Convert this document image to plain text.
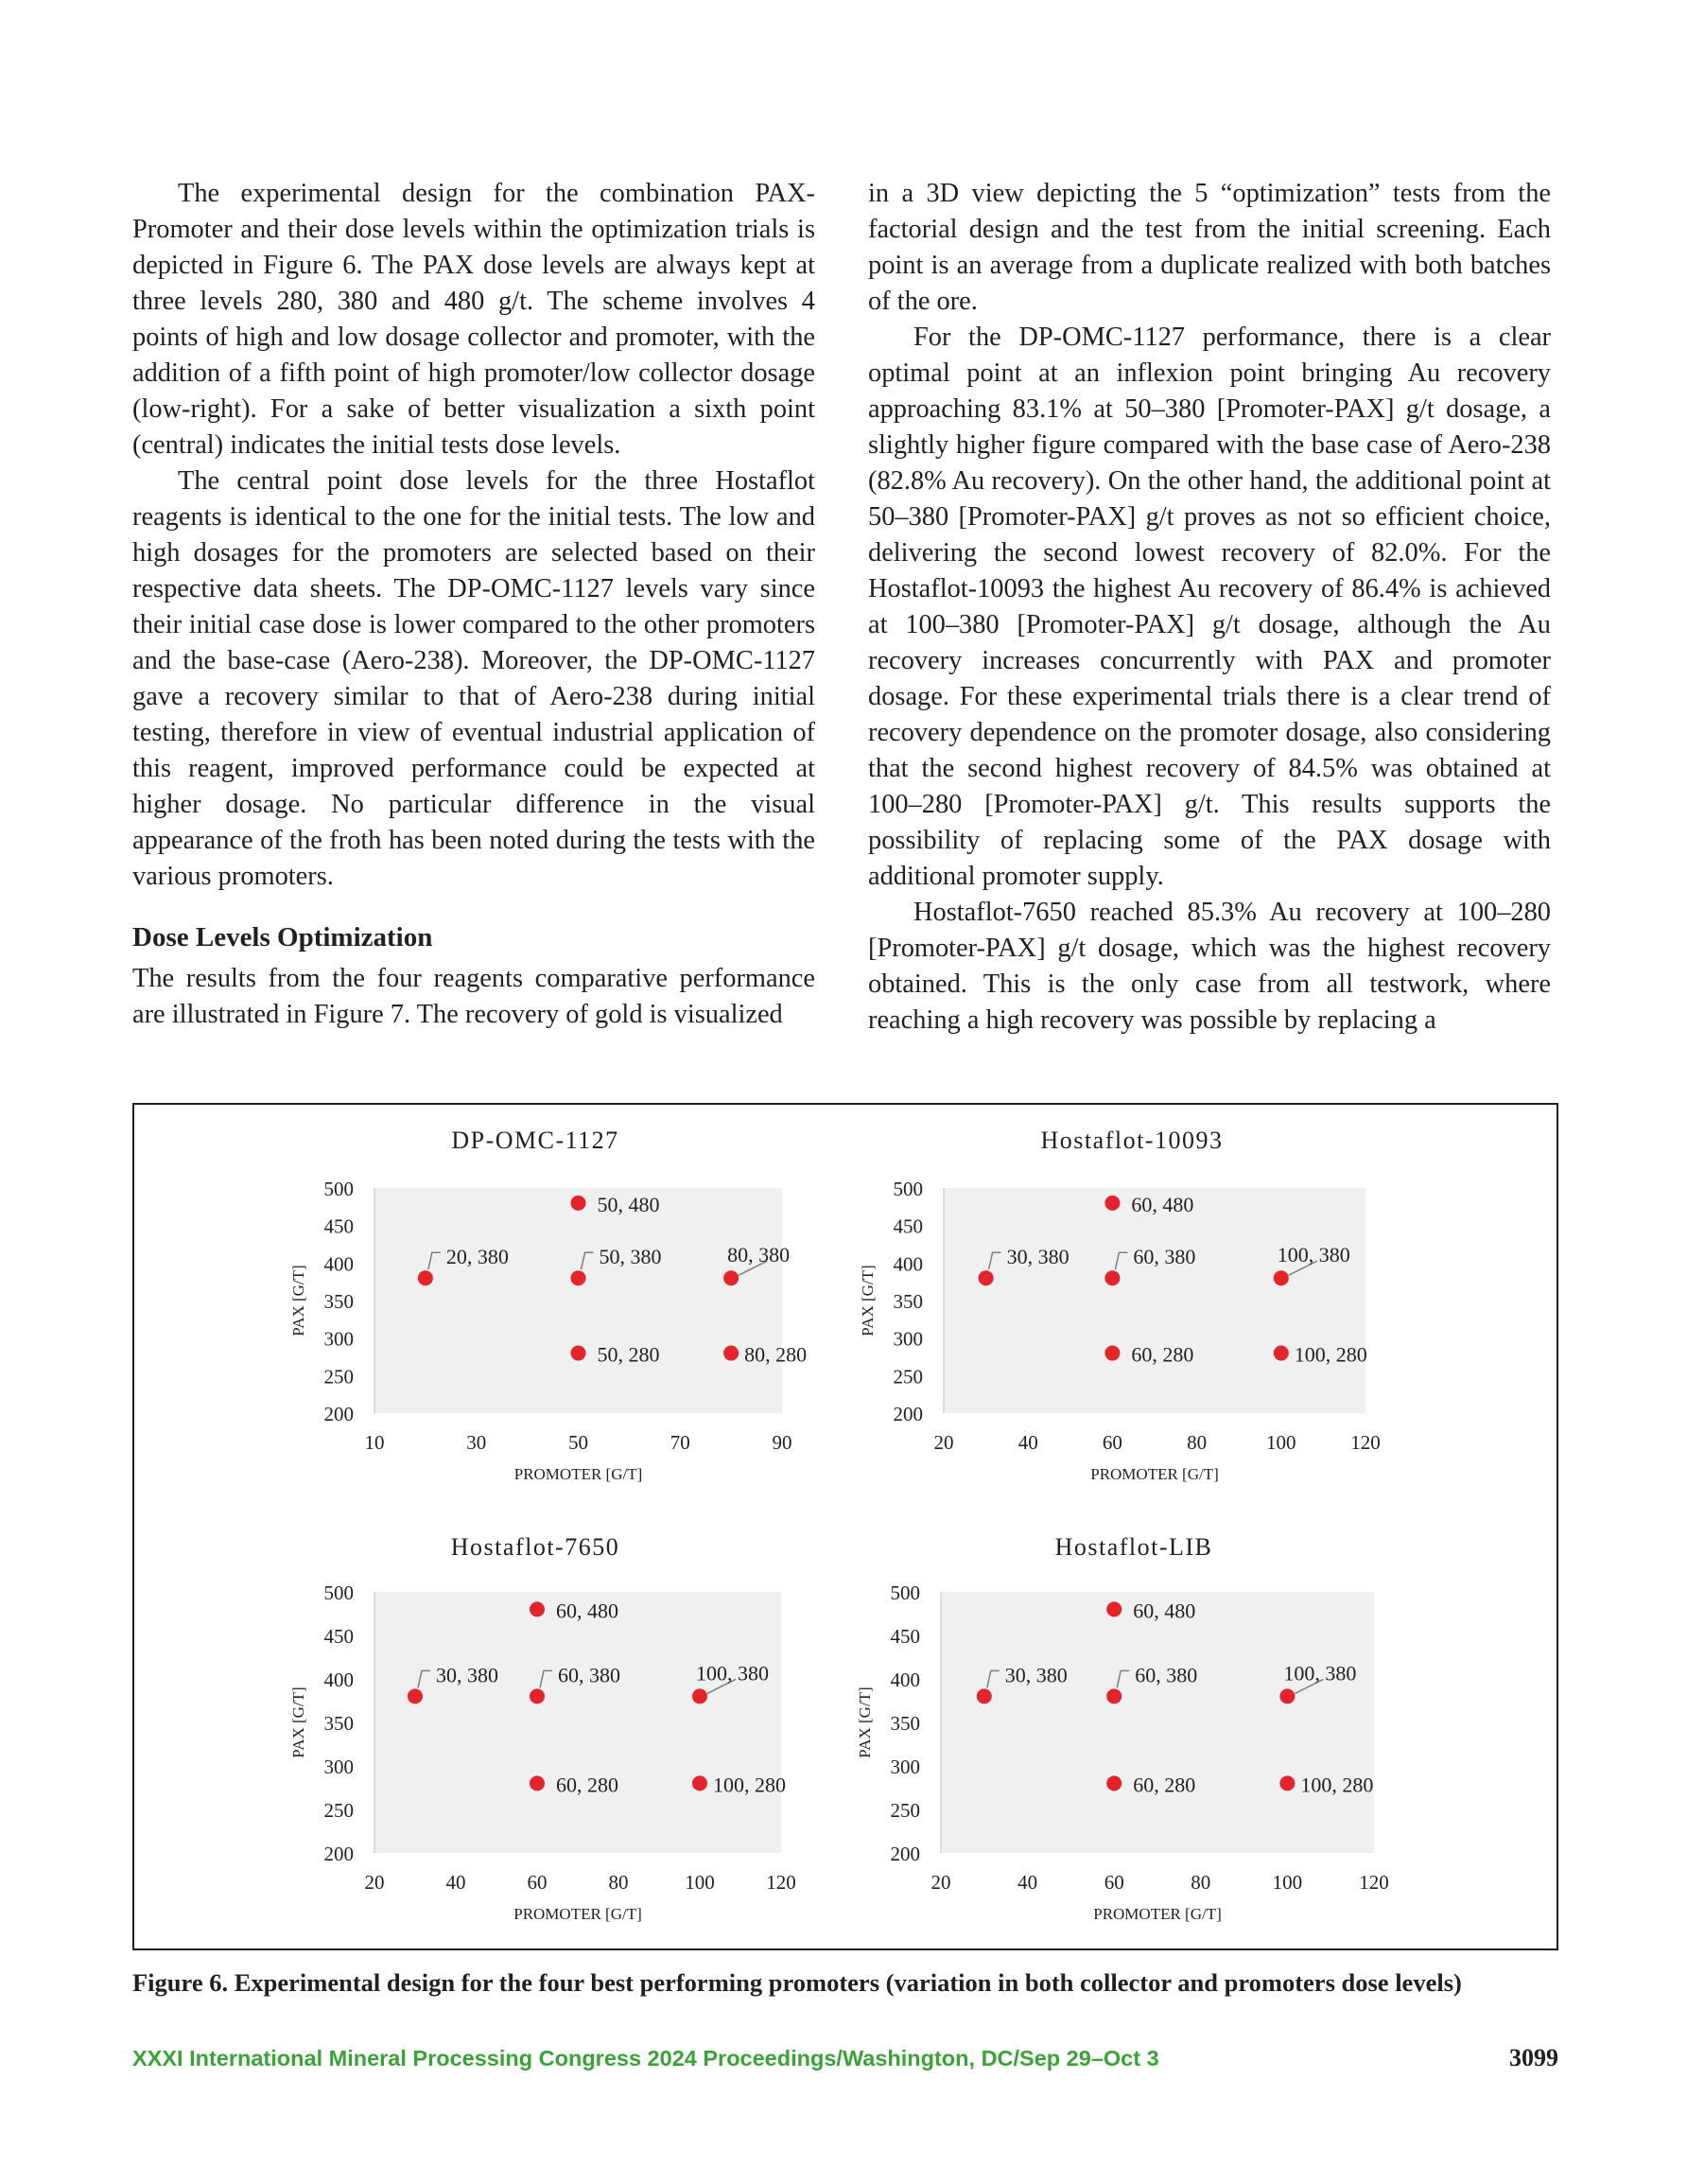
The experimental design for the combination PAX-Promoter and their dose levels within the optimization trials is depicted in Figure 6. The PAX dose levels are always kept at three levels 280, 380 and 480 g/t. The scheme involves 4 points of high and low dosage collector and promoter, with the addition of a fifth point of high promoter/low collector dosage (low-right). For a sake of better visualization a sixth point (central) indicates the initial tests dose levels.

The central point dose levels for the three Hostaflot reagents is identical to the one for the initial tests. The low and high dosages for the promoters are selected based on their respective data sheets. The DP-OMC-1127 levels vary since their initial case dose is lower compared to the other promoters and the base-case (Aero-238). Moreover, the DP-OMC-1127 gave a recovery similar to that of Aero-238 during initial testing, therefore in view of eventual industrial application of this reagent, improved performance could be expected at higher dosage. No particular difference in the visual appearance of the froth has been noted during the tests with the various promoters.

Dose Levels Optimization

The results from the four reagents comparative performance are illustrated in Figure 7. The recovery of gold is visualized

in a 3D view depicting the 5 “optimization” tests from the factorial design and the test from the initial screening. Each point is an average from a duplicate realized with both batches of the ore.

For the DP-OMC-1127 performance, there is a clear optimal point at an inflexion point bringing Au recovery approaching 83.1% at 50–380 [Promoter-PAX] g/t dosage, a slightly higher figure compared with the base case of Aero-238 (82.8% Au recovery). On the other hand, the additional point at 50–380 [Promoter-PAX] g/t proves as not so efficient choice, delivering the second lowest recovery of 82.0%. For the Hostaflot-10093 the highest Au recovery of 86.4% is achieved at 100–380 [Promoter-PAX] g/t dosage, although the Au recovery increases concurrently with PAX and promoter dosage. For these experimental trials there is a clear trend of recovery dependence on the promoter dosage, also considering that the second highest recovery of 84.5% was obtained at 100–280 [Promoter-PAX] g/t. This results supports the possibility of replacing some of the PAX dosage with additional promoter supply.

Hostaflot-7650 reached 85.3% Au recovery at 100–280 [Promoter-PAX] g/t dosage, which was the highest recovery obtained. This is the only case from all testwork, where reaching a high recovery was possible by replacing a

DP-OMC-1127
200
250
300
350
400
450
500
10	30	50	70	90
PROMOTER [G/T]
PAX [G/T]
20, 380
50, 480
50, 380	80, 380
50, 280	80, 280
Hostaflot-10093
200
250
300
350
400
450
500
20	40	60	80	100	120
PROMOTER [G/T]
PAX [G/T]
30, 380
60, 480
60, 380	100, 380
60, 280	100, 280
Hostaflot-7650
200
250
300
350
400
450
500
20	40	60	80	100	120
PROMOTER [G/T]
PAX [G/T]
30, 380
60, 480
60, 380	100, 380
60, 280	100, 280
Hostaflot-LIB
200
250
300
350
400
450
500
20	40	60	80	100	120
PROMOTER [G/T]
PAX [G/T]
30, 380
60, 480
60, 380	100, 380
60, 280	100, 280
Figure 6. Experimental design for the four best performing promoters (variation in both collector and promoters dose levels)
XXXI International Mineral Processing Congress 2024 Proceedings/Washington, DC/Sep 29–Oct 3	3099
